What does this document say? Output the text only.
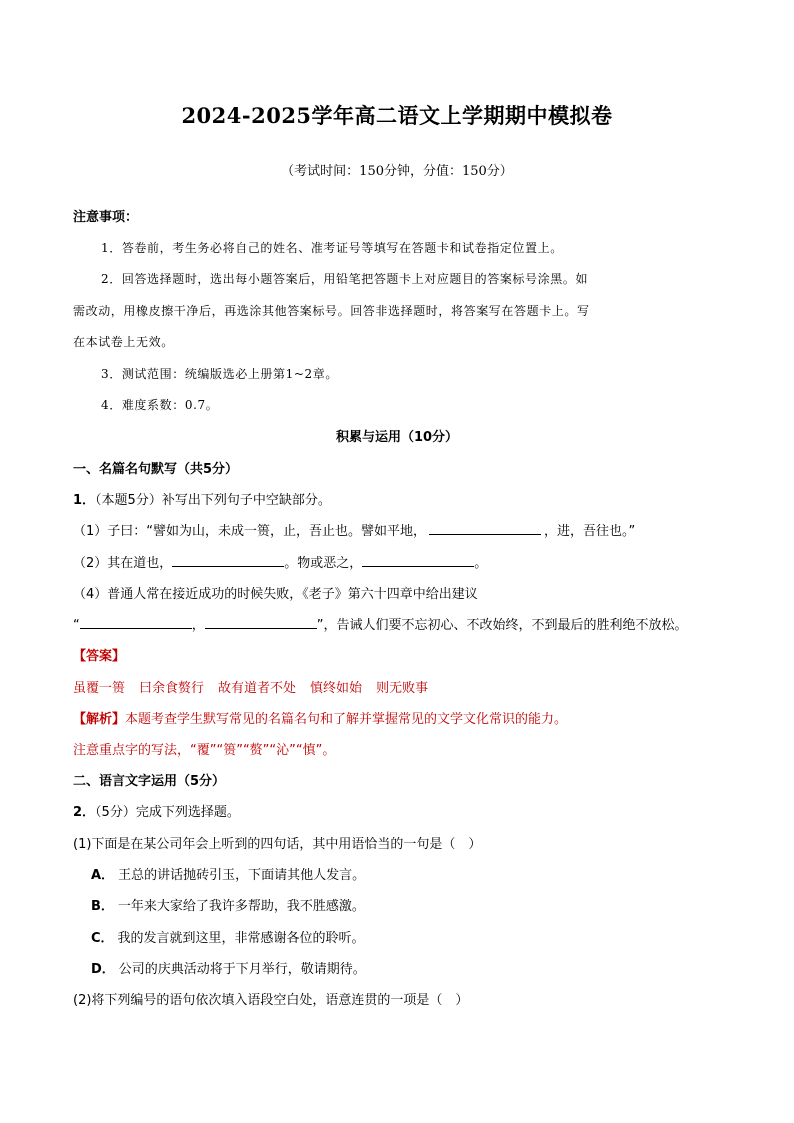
2024-2025学年高二语文上学期期中模拟卷
（考试时间：150分钟，分值：150分）
注意事项：
1．答卷前，考生务必将自己的姓名、准考证号等填写在答题卡和试卷指定位置上。
2．回答选择题时，选出每小题答案后，用铅笔把答题卡上对应题目的答案标号涂黑。如
需改动，用橡皮擦干净后，再选涂其他答案标号。回答非选择题时，将答案写在答题卡上。写
在本试卷上无效。
3．测试范围：统编版选必上册第1~2章。
4．难度系数：0.7。
积累与运用（10分）
一、名篇名句默写（共5分）
1．（本题5分）补写出下列句子中空缺部分。
（1）子曰：“譬如为山，未成一篑，止，吾止也。譬如平地，	，进，吾往也。”
（2）其在道也，	。物或恶之，	。
（4）普通人常在接近成功的时候失败，《老子》第六十四章中给出建议
“	，	”，告诫人们要不忘初心、不改始终，不到最后的胜利绝不放松。
【答案】
虽覆一篑 曰余食赘行 故有道者不处 慎终如始 则无败事
【解析】本题考查学生默写常见的名篇名句和了解并掌握常见的文学文化常识的能力。
注意重点字的写法，“覆”“篑”“赘”“沁”“慎”。
二、语言文字运用（5分）
2．（5分）完成下列选择题。
(1)下面是在某公司年会上听到的四句话，其中用语恰当的一句是（　）
A． 王总的讲话抛砖引玉，下面请其他人发言。
B． 一年来大家给了我许多帮助，我不胜感激。
C． 我的发言就到这里，非常感谢各位的聆听。
D． 公司的庆典活动将于下月举行，敬请期待。
(2)将下列编号的语句依次填入语段空白处，语意连贯的一项是（　）
